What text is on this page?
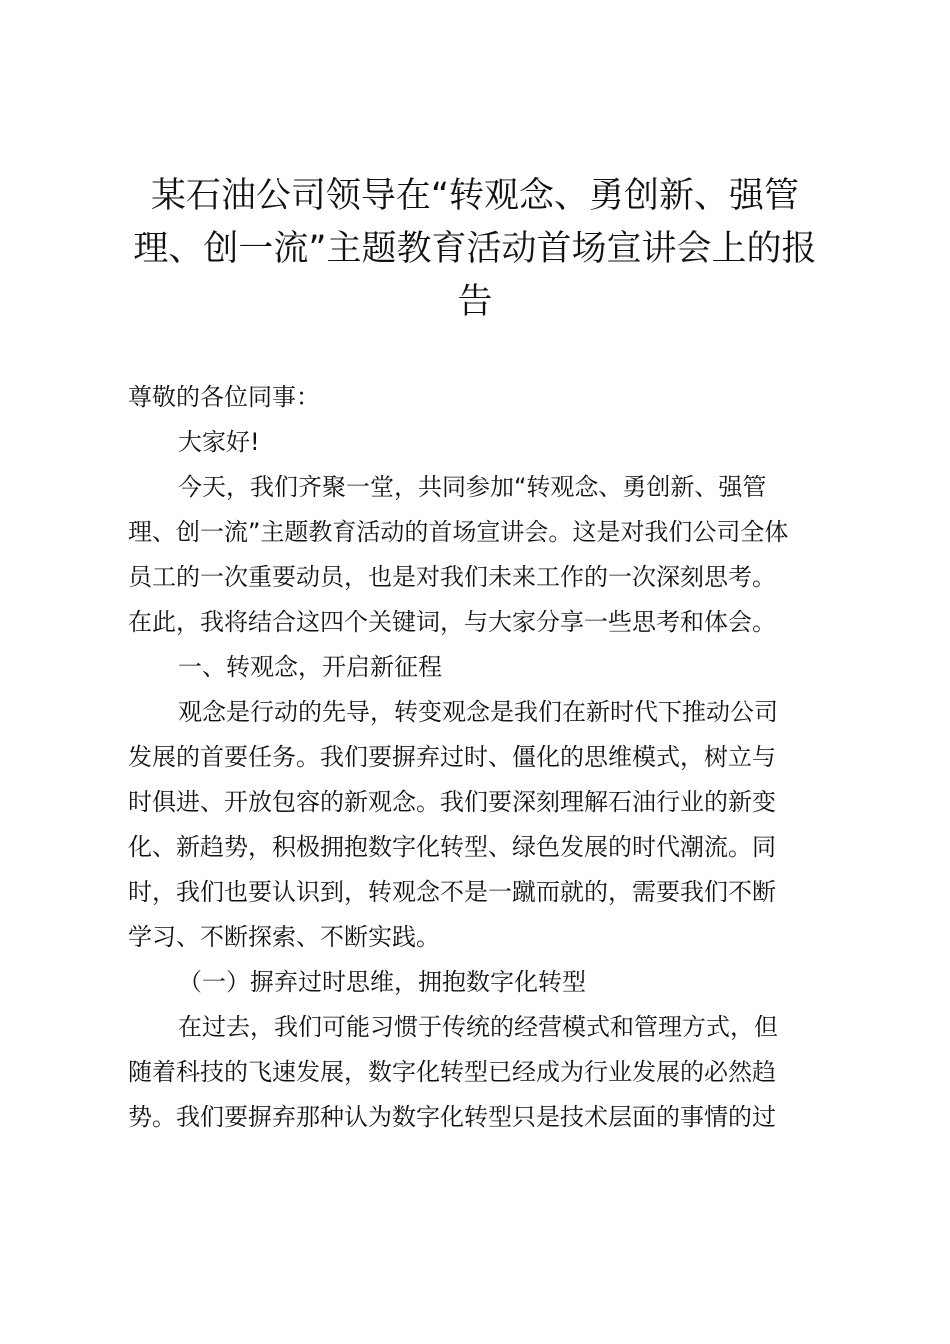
某石油公司领导在“转观念、勇创新、强管
理、创一流”主题教育活动首场宣讲会上的报
告
尊敬的各位同事：
大家好!
今天，我们齐聚一堂，共同参加“转观念、勇创新、强管
理、创一流”主题教育活动的首场宣讲会。这是对我们公司全体
员工的一次重要动员，也是对我们未来工作的一次深刻思考。
在此，我将结合这四个关键词，与大家分享一些思考和体会。
一、转观念，开启新征程
观念是行动的先导，转变观念是我们在新时代下推动公司
发展的首要任务。我们要摒弃过时、僵化的思维模式，树立与
时俱进、开放包容的新观念。我们要深刻理解石油行业的新变
化、新趋势，积极拥抱数字化转型、绿色发展的时代潮流。同
时，我们也要认识到，转观念不是一蹴而就的，需要我们不断
学习、不断探索、不断实践。
（一）摒弃过时思维，拥抱数字化转型
在过去，我们可能习惯于传统的经营模式和管理方式，但
随着科技的飞速发展，数字化转型已经成为行业发展的必然趋
势。我们要摒弃那种认为数字化转型只是技术层面的事情的过
